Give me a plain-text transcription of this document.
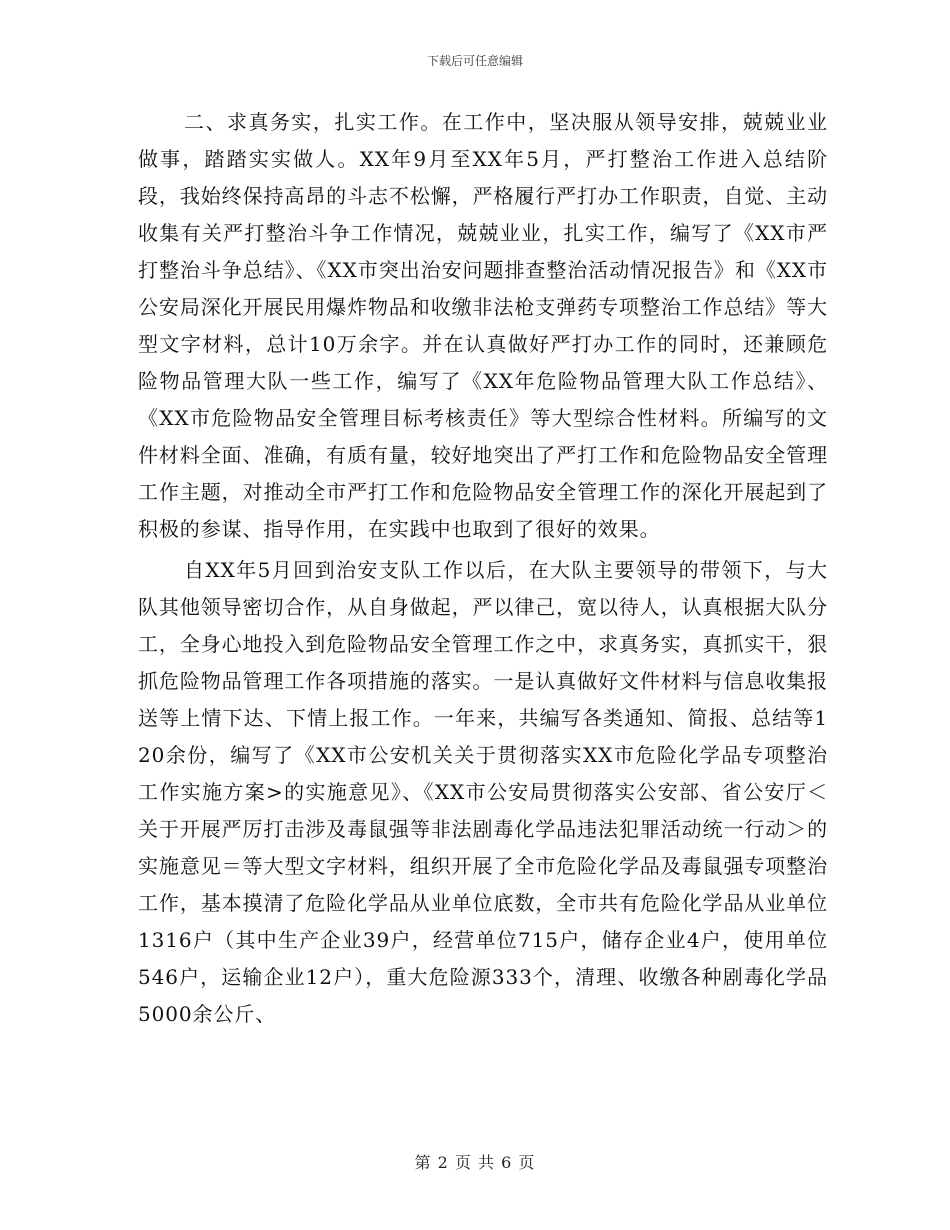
下载后可任意编辑

二、求真务实，扎实工作。在工作中，坚决服从领导安排，兢兢业业做事，踏踏实实做人。XX年9月至XX年5月，严打整治工作进入总结阶段，我始终保持高昂的斗志不松懈，严格履行严打办工作职责，自觉、主动收集有关严打整治斗争工作情况，兢兢业业，扎实工作，编写了《XX市严打整治斗争总结》、《XX市突出治安问题排查整治活动情况报告》和《XX市公安局深化开展民用爆炸物品和收缴非法枪支弹药专项整治工作总结》等大型文字材料，总计10万余字。并在认真做好严打办工作的同时，还兼顾危险物品管理大队一些工作，编写了《XX年危险物品管理大队工作总结》、《XX市危险物品安全管理目标考核责任》等大型综合性材料。所编写的文件材料全面、准确，有质有量，较好地突出了严打工作和危险物品安全管理工作主题，对推动全市严打工作和危险物品安全管理工作的深化开展起到了积极的参谋、指导作用，在实践中也取到了很好的效果。

自XX年5月回到治安支队工作以后，在大队主要领导的带领下，与大队其他领导密切合作，从自身做起，严以律己，宽以待人，认真根据大队分工，全身心地投入到危险物品安全管理工作之中，求真务实，真抓实干，狠抓危险物品管理工作各项措施的落实。一是认真做好文件材料与信息收集报送等上情下达、下情上报工作。一年来，共编写各类通知、简报、总结等120余份，编写了《XX市公安机关关于贯彻落实XX市危险化学品专项整治工作实施方案>的实施意见》、《XX市公安局贯彻落实公安部、省公安厅＜关于开展严厉打击涉及毒鼠强等非法剧毒化学品违法犯罪活动统一行动＞的实施意见＝等大型文字材料，组织开展了全市危险化学品及毒鼠强专项整治工作，基本摸清了危险化学品从业单位底数，全市共有危险化学品从业单位1316户（其中生产企业39户，经营单位715户，储存企业4户，使用单位546户，运输企业12户），重大危险源333个，清理、收缴各种剧毒化学品5000余公斤、

第 2 页 共 6 页
